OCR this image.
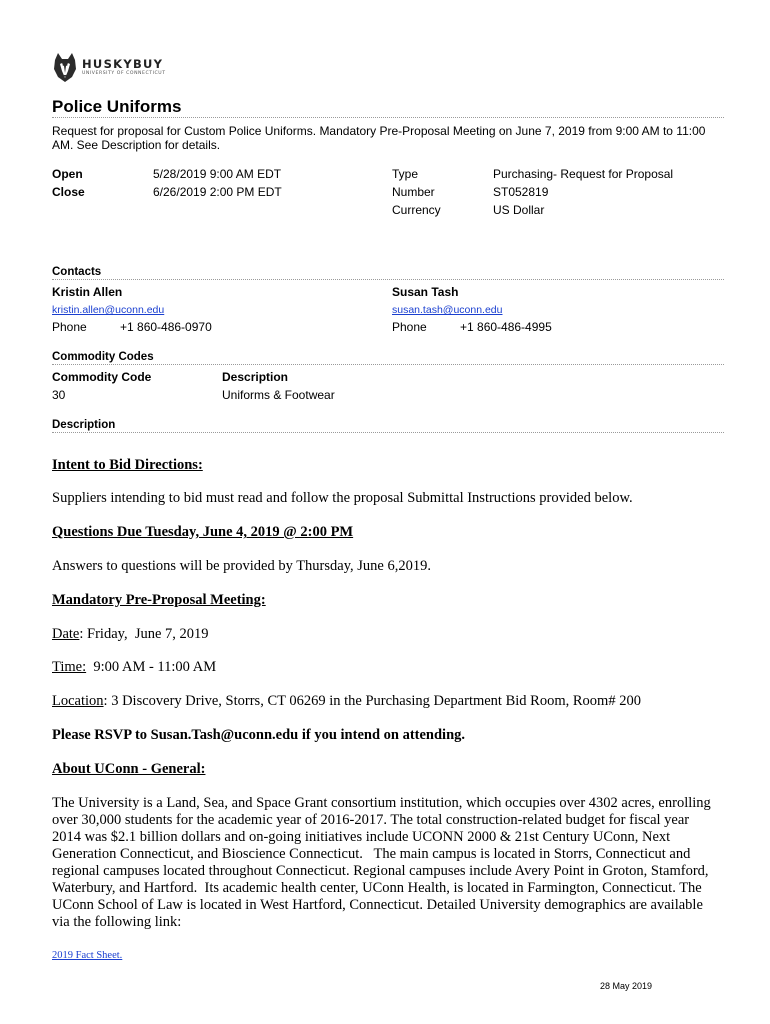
HUSKYBUY
UNIVERSITY OF CONNECTICUT
Police Uniforms
Request for proposal for Custom Police Uniforms. Mandatory Pre-Proposal Meeting on June 7, 2019 from 9:00 AM to 11:00 AM. See Description for details.
Open	5/28/2019 9:00 AM EDT
Close	6/26/2019 2:00 PM EDT
Type	Purchasing- Request for Proposal
Number	ST052819
Currency	US Dollar
Contacts
Kristin Allen
kristin.allen@uconn.edu
Phone	+1 860-486-0970
Susan Tash
susan.tash@uconn.edu
Phone	+1 860-486-4995
Commodity Codes
Commodity Code	Description
30	Uniforms & Footwear
Description
Intent to Bid Directions:
Suppliers intending to bid must read and follow the proposal Submittal Instructions provided below.
Questions Due Tuesday, June 4, 2019 @ 2:00 PM
Answers to questions will be provided by Thursday, June 6,2019.
Mandatory Pre-Proposal Meeting:
Date: Friday,  June 7, 2019
Time:  9:00 AM - 11:00 AM
Location: 3 Discovery Drive, Storrs, CT 06269 in the Purchasing Department Bid Room, Room# 200
Please RSVP to Susan.Tash@uconn.edu if you intend on attending.
About UConn - General:
The University is a Land, Sea, and Space Grant consortium institution, which occupies over 4302 acres, enrolling over 30,000 students for the academic year of 2016-2017. The total construction-related budget for fiscal year 2014 was $2.1 billion dollars and on-going initiatives include UCONN 2000 & 21st Century UConn, Next Generation Connecticut, and Bioscience Connecticut.   The main campus is located in Storrs, Connecticut and regional campuses located throughout Connecticut. Regional campuses include Avery Point in Groton, Stamford, Waterbury, and Hartford.  Its academic health center, UConn Health, is located in Farmington, Connecticut. The UConn School of Law is located in West Hartford, Connecticut. Detailed University demographics are available via the following link:
2019 Fact Sheet.
28 May 2019
